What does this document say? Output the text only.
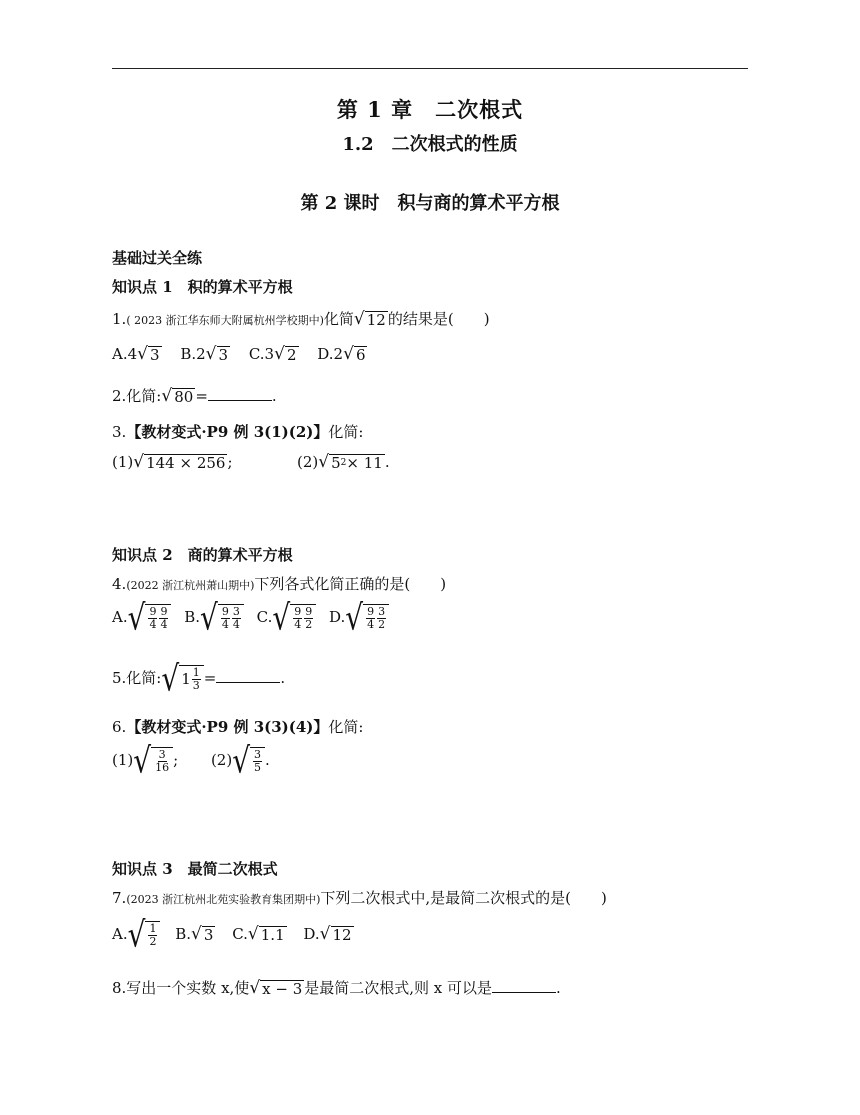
第 1 章　二次根式
1.2　二次根式的性质
第 2 课时　积与商的算术平方根
基础过关全练
知识点 1　积的算术平方根
1.( 2023 浙江华东师大附属杭州学校期中)化简 √ 12 的结果是(　　)
A.4 √ 3 B.2 √ 3 C.3 √ 2 D.2 √ 6
2.化简: √ 80 =	.
3.【教材变式·P9 例 3(1)(2)】化简:
(1) √ 144 × 256 ;	(2) √ 5 2 × 11 .
知识点 2　商的算术平方根
4.(2022 浙江杭州萧山期中)下列各式化简正确的是(　　)
A. √ $\frac{9}{4} \frac{9}{4} B$. √ $\frac{9}{4} \frac{3}{4} C$. √ $\frac{9}{4} \frac{9}{2} D$. √ $\frac{9}{4} \frac{3}{2}$
5.化简: √ $1 \frac{1}{3}$ =	.
6.【教材变式·P9 例 3(3)(4)】化简:
(1) √ $\frac{3}{16}$ ; (2) √ $\frac{3}{5}$ .
知识点 3　最简二次根式
7.(2023 浙江杭州北苑实验教育集团期中)下列二次根式中,是最简二次根式的是(　　)
A. √ $\frac{1}{2} B$. √ 3 C. √ 1.1 D. √ 12
8.写出一个实数 x,使 √ x − 3 是最简二次根式,则 x 可以是	.
